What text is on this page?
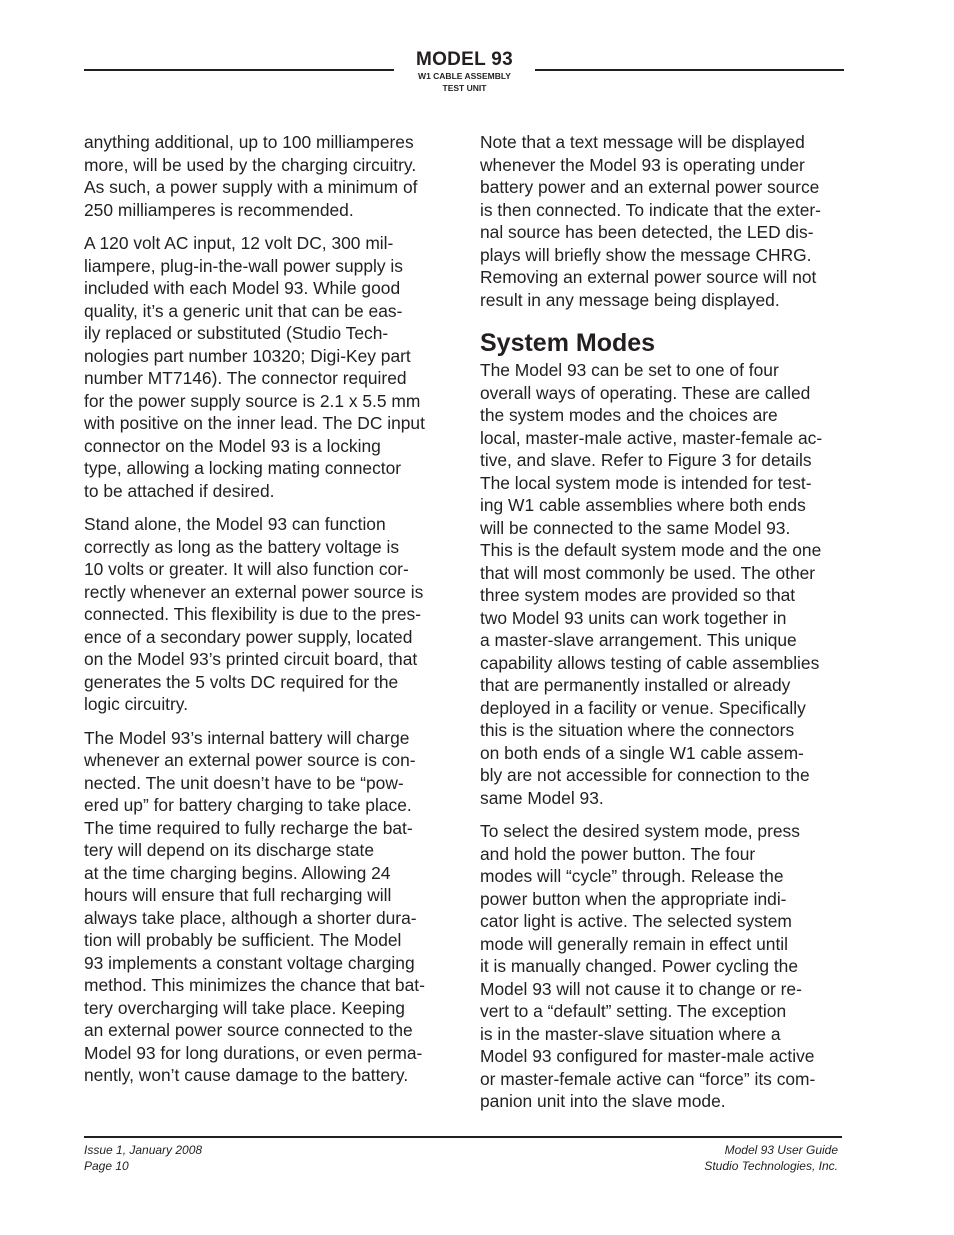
MODEL 93
W1 CABLE ASSEMBLY
TEST UNIT

anything additional, up to 100 milliamperes
more, will be used by the charging circuitry.
As such, a power supply with a minimum of
250 milliamperes is recommended.

A 120 volt AC input, 12 volt DC, 300 mil-
liampere, plug-in-the-wall power supply is
included with each Model 93. While good
quality, it’s a generic unit that can be eas-
ily replaced or substituted (Studio Tech-
nologies part number 10320; Digi-Key part
number MT7146). The connector required
for the power supply source is 2.1 x 5.5 mm
with positive on the inner lead. The DC input
connector on the Model 93 is a locking
type, allowing a locking mating connector
to be attached if desired.

Stand alone, the Model 93 can function
correctly as long as the battery voltage is
10 volts or greater. It will also function cor-
rectly whenever an external power source is
connected. This flexibility is due to the pres-
ence of a secondary power supply, located
on the Model 93’s printed circuit board, that
generates the 5 volts DC required for the
logic circuitry.

The Model 93’s internal battery will charge
whenever an external power source is con-
nected. The unit doesn’t have to be “pow-
ered up” for battery charging to take place.
The time required to fully recharge the bat-
tery will depend on its discharge state
at the time charging begins. Allowing 24
hours will ensure that full recharging will
always take place, although a shorter dura-
tion will probably be sufficient. The Model
93 implements a constant voltage charging
method. This minimizes the chance that bat-
tery overcharging will take place. Keeping
an external power source connected to the
Model 93 for long durations, or even perma-
nently, won’t cause damage to the battery.

Note that a text message will be displayed
whenever the Model 93 is operating under
battery power and an external power source
is then connected. To indicate that the exter-
nal source has been detected, the LED dis-
plays will briefly show the message CHRG.
Removing an external power source will not
result in any message being displayed.

System Modes

The Model 93 can be set to one of four
overall ways of operating. These are called
the system modes and the choices are
local, master-male active, master-female ac-
tive, and slave. Refer to Figure 3 for details
The local system mode is intended for test-
ing W1 cable assemblies where both ends
will be connected to the same Model 93.
This is the default system mode and the one
that will most commonly be used. The other
three system modes are provided so that
two Model 93 units can work together in
a master-slave arrangement. This unique
capability allows testing of cable assemblies
that are permanently installed or already
deployed in a facility or venue. Specifically
this is the situation where the connectors
on both ends of a single W1 cable assem-
bly are not accessible for connection to the
same Model 93.

To select the desired system mode, press
and hold the power button. The four
modes will “cycle” through. Release the
power button when the appropriate indi-
cator light is active. The selected system
mode will generally remain in effect until
it is manually changed. Power cycling the
Model 93 will not cause it to change or re-
vert to a “default” setting. The exception
is in the master-slave situation where a
Model 93 configured for master-male active
or master-female active can “force” its com-
panion unit into the slave mode.

Issue 1, January 2008
Page 10
Model 93 User Guide
Studio Technologies, Inc.
